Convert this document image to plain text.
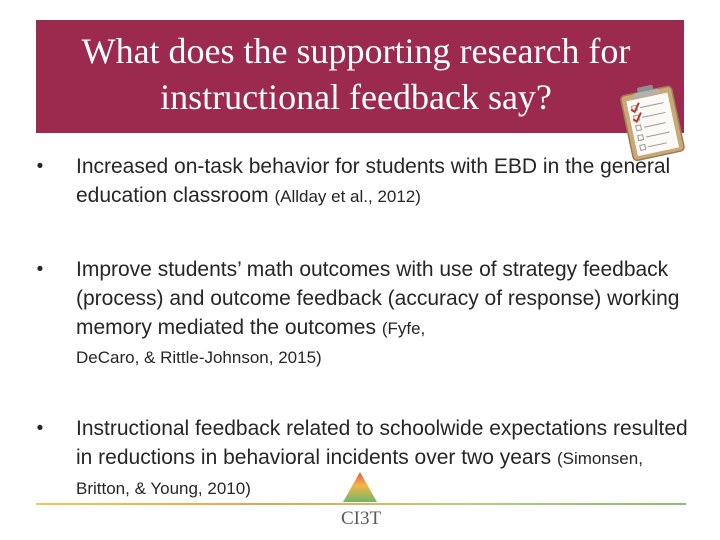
What does the supporting research for
instructional feedback say?
•	Increased on-task behavior for students with EBD in the general education classroom (Allday et al., 2012)
•	Improve students’ math outcomes with use of strategy feedback (process) and outcome feedback (accuracy of response) working memory mediated the outcomes (Fyfe,
DeCaro, & Rittle-Johnson, 2015)
•	Instructional feedback related to schoolwide expectations resulted in reductions in behavioral incidents over two years (Simonsen, Britton, & Young, 2010)
CI3T
